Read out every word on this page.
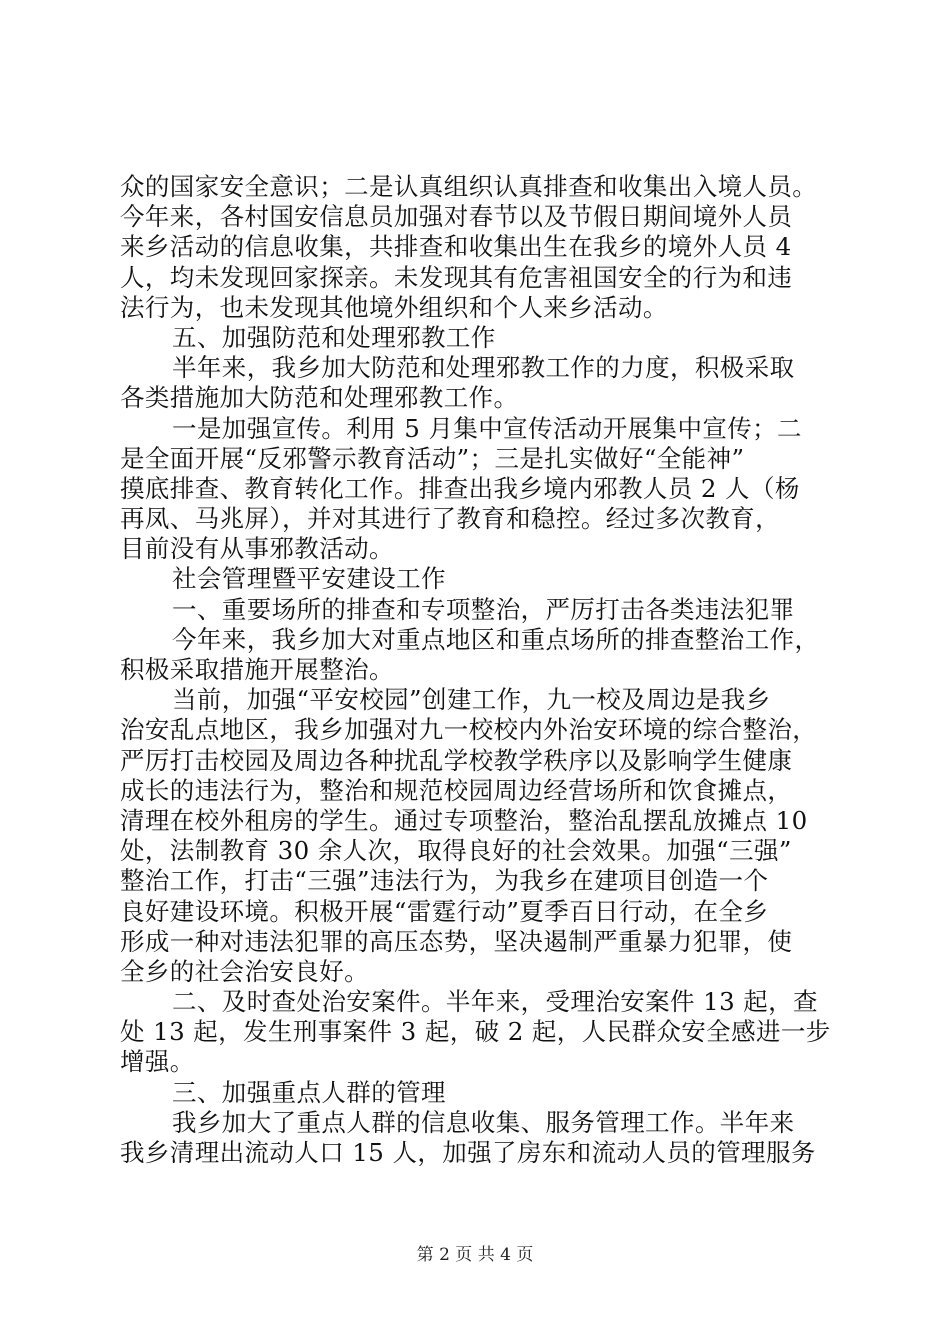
众的国家安全意识；二是认真组织认真排查和收集出入境人员。
今年来，各村国安信息员加强对春节以及节假日期间境外人员
来乡活动的信息收集，共排查和收集出生在我乡的境外人员 4
人，均未发现回家探亲。未发现其有危害祖国安全的行为和违
法行为，也未发现其他境外组织和个人来乡活动。
五、加强防范和处理邪教工作
半年来，我乡加大防范和处理邪教工作的力度，积极采取
各类措施加大防范和处理邪教工作。
一是加强宣传。利用 5 月集中宣传活动开展集中宣传；二
是全面开展“反邪警示教育活动”；三是扎实做好“全能神”
摸底排查、教育转化工作。排查出我乡境内邪教人员 2 人（杨
再凤、马兆屏），并对其进行了教育和稳控。经过多次教育，
目前没有从事邪教活动。
社会管理暨平安建设工作
一、重要场所的排查和专项整治，严厉打击各类违法犯罪
今年来，我乡加大对重点地区和重点场所的排查整治工作，
积极采取措施开展整治。
当前，加强“平安校园”创建工作，九一校及周边是我乡
治安乱点地区，我乡加强对九一校校内外治安环境的综合整治，
严厉打击校园及周边各种扰乱学校教学秩序以及影响学生健康
成长的违法行为，整治和规范校园周边经营场所和饮食摊点，
清理在校外租房的学生。通过专项整治，整治乱摆乱放摊点 10
处，法制教育 30 余人次，取得良好的社会效果。加强“三强”
整治工作，打击“三强”违法行为，为我乡在建项目创造一个
良好建设环境。积极开展“雷霆行动”夏季百日行动，在全乡
形成一种对违法犯罪的高压态势，坚决遏制严重暴力犯罪，使
全乡的社会治安良好。
二、及时查处治安案件。半年来，受理治安案件 13 起，查
处 13 起，发生刑事案件 3 起，破 2 起，人民群众安全感进一步
增强。
三、加强重点人群的管理
我乡加大了重点人群的信息收集、服务管理工作。半年来
我乡清理出流动人口 15 人，加强了房东和流动人员的管理服务
第 2 页 共 4 页
